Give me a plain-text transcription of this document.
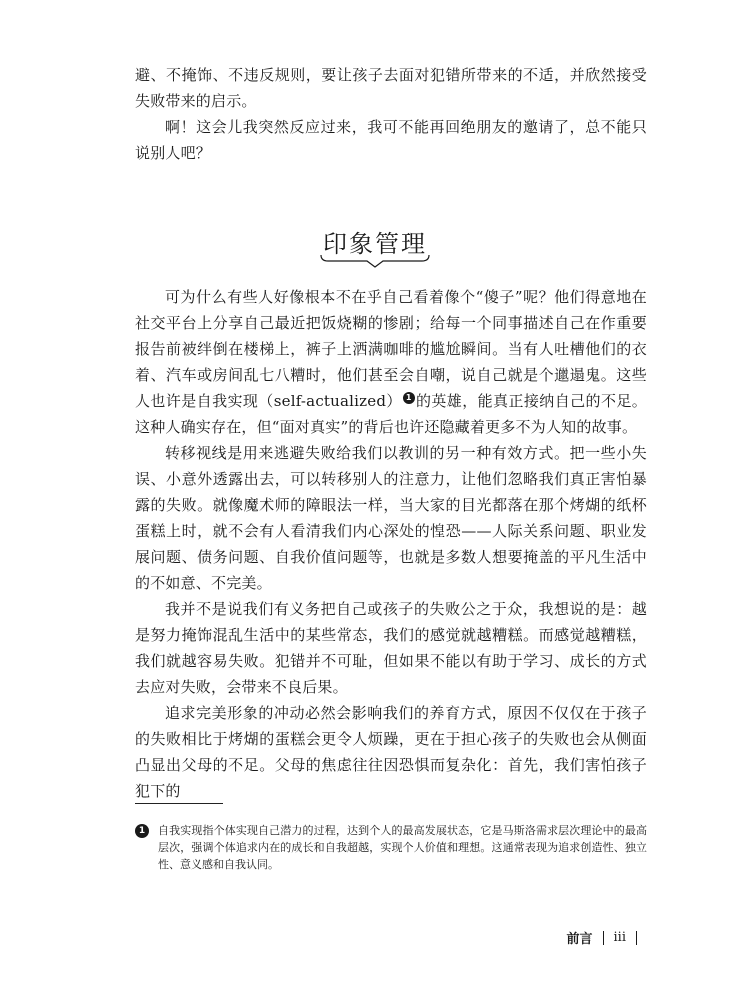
避、不掩饰、不违反规则，要让孩子去面对犯错所带来的不适，并欣然接受失败带来的启示。

啊！这会儿我突然反应过来，我可不能再回绝朋友的邀请了，总不能只说别人吧？

印象管理

可为什么有些人好像根本不在乎自己看着像个“傻子”呢？他们得意地在社交平台上分享自己最近把饭烧糊的惨剧；给每一个同事描述自己在作重要报告前被绊倒在楼梯上，裤子上洒满咖啡的尴尬瞬间。当有人吐槽他们的衣着、汽车或房间乱七八糟时，他们甚至会自嘲，说自己就是个邋遢鬼。这些人也许是自我实现（self-actualized） $^1$ 的英雄，能真正接纳自己的不足。这种人确实存在，但“面对真实”的背后也许还隐藏着更多不为人知的故事。

转移视线是用来逃避失败给我们以教训的另一种有效方式。把一些小失误、小意外透露出去，可以转移别人的注意力，让他们忽略我们真正害怕暴露的失败。就像魔术师的障眼法一样，当大家的目光都落在那个烤煳的纸杯蛋糕上时，就不会有人看清我们内心深处的惶恐——人际关系问题、职业发展问题、债务问题、自我价值问题等，也就是多数人想要掩盖的平凡生活中的不如意、不完美。

我并不是说我们有义务把自己或孩子的失败公之于众，我想说的是：越是努力掩饰混乱生活中的某些常态，我们的感觉就越糟糕。而感觉越糟糕，我们就越容易失败。犯错并不可耻，但如果不能以有助于学习、成长的方式去应对失败，会带来不良后果。

追求完美形象的冲动必然会影响我们的养育方式，原因不仅仅在于孩子的失败相比于烤煳的蛋糕会更令人烦躁，更在于担心孩子的失败也会从侧面凸显出父母的不足。父母的焦虑往往因恐惧而复杂化：首先，我们害怕孩子犯下的

1	自我实现指个体实现自己潜力的过程，达到个人的最高发展状态，它是马斯洛需求层次理论中的最高层次，强调个体追求内在的成长和自我超越，实现个人价值和理想。这通常表现为追求创造性、独立性、意义感和自我认同。
前言 iii
